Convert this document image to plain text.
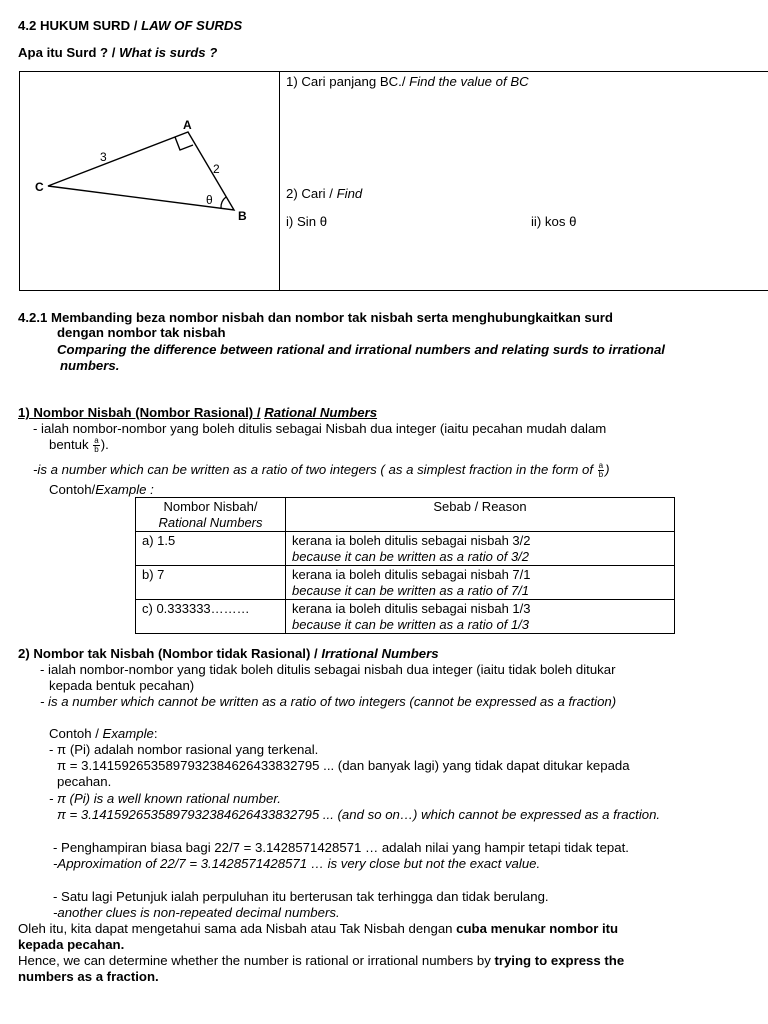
4.2 HUKUM SURD / LAW OF SURDS
Apa itu Surd ? / What is surds ?
A
B
C
3
2
θ
1) Cari panjang BC./ Find the value of BC
2) Cari / Find
i) Sin θ	ii) kos θ
4.2.1 Membanding beza nombor nisbah dan nombor tak nisbah serta menghubungkaitkan surd
dengan nombor tak nisbah
Comparing the difference between rational and irrational numbers and relating surds to irrational
numbers.
1) Nombor Nisbah (Nombor Rasional) / Rational Numbers
- ialah nombor-nombor yang boleh ditulis sebagai Nisbah dua integer (iaitu pecahan mudah dalam
bentuk $\frac{a}{b}$ ).
-is a number which can be written as a ratio of two integers ( as a simplest fraction in the form of $\frac{a}{b}$ )
Contoh/Example :
Nombor Nisbah/
Rational Numbers	Sebab / Reason
a) 1.5	kerana ia boleh ditulis sebagai nisbah 3/2
because it can be written as a ratio of 3/2

b) 7	kerana ia boleh ditulis sebagai nisbah 7/1
because it can be written as a ratio of 7/1

c) 0.333333………	kerana ia boleh ditulis sebagai nisbah 1/3
because it can be written as a ratio of 1/3
2) Nombor tak Nisbah (Nombor tidak Rasional) / Irrational Numbers
- ialah nombor-nombor yang tidak boleh ditulis sebagai nisbah dua integer (iaitu tidak boleh ditukar
kepada bentuk pecahan)
- is a number which cannot be written as a ratio of two integers (cannot be expressed as a fraction)
Contoh / Example:
- π (Pi) adalah nombor rasional yang terkenal.
π = 3.14159265358979323846264338327​95 ... (dan banyak lagi) yang tidak dapat ditukar kepada
pecahan.
- π (Pi) is a well known rational number.
π = 3.14159265358979323846264338327​95 ... (and so on…) which cannot be expressed as a fraction.
- Penghampiran biasa bagi 22/7 = 3.1428571428571 … adalah nilai yang hampir tetapi tidak tepat.
-Approximation of 22/7 = 3.1428571428571 … is very close but not the exact value.
- Satu lagi Petunjuk ialah perpuluhan itu berterusan tak terhingga dan tidak berulang.
-another clues is non-repeated decimal numbers.
Oleh itu, kita dapat mengetahui sama ada Nisbah atau Tak Nisbah dengan cuba menukar nombor itu
kepada pecahan.
Hence, we can determine whether the number is rational or irrational numbers by trying to express the
numbers as a fraction.
